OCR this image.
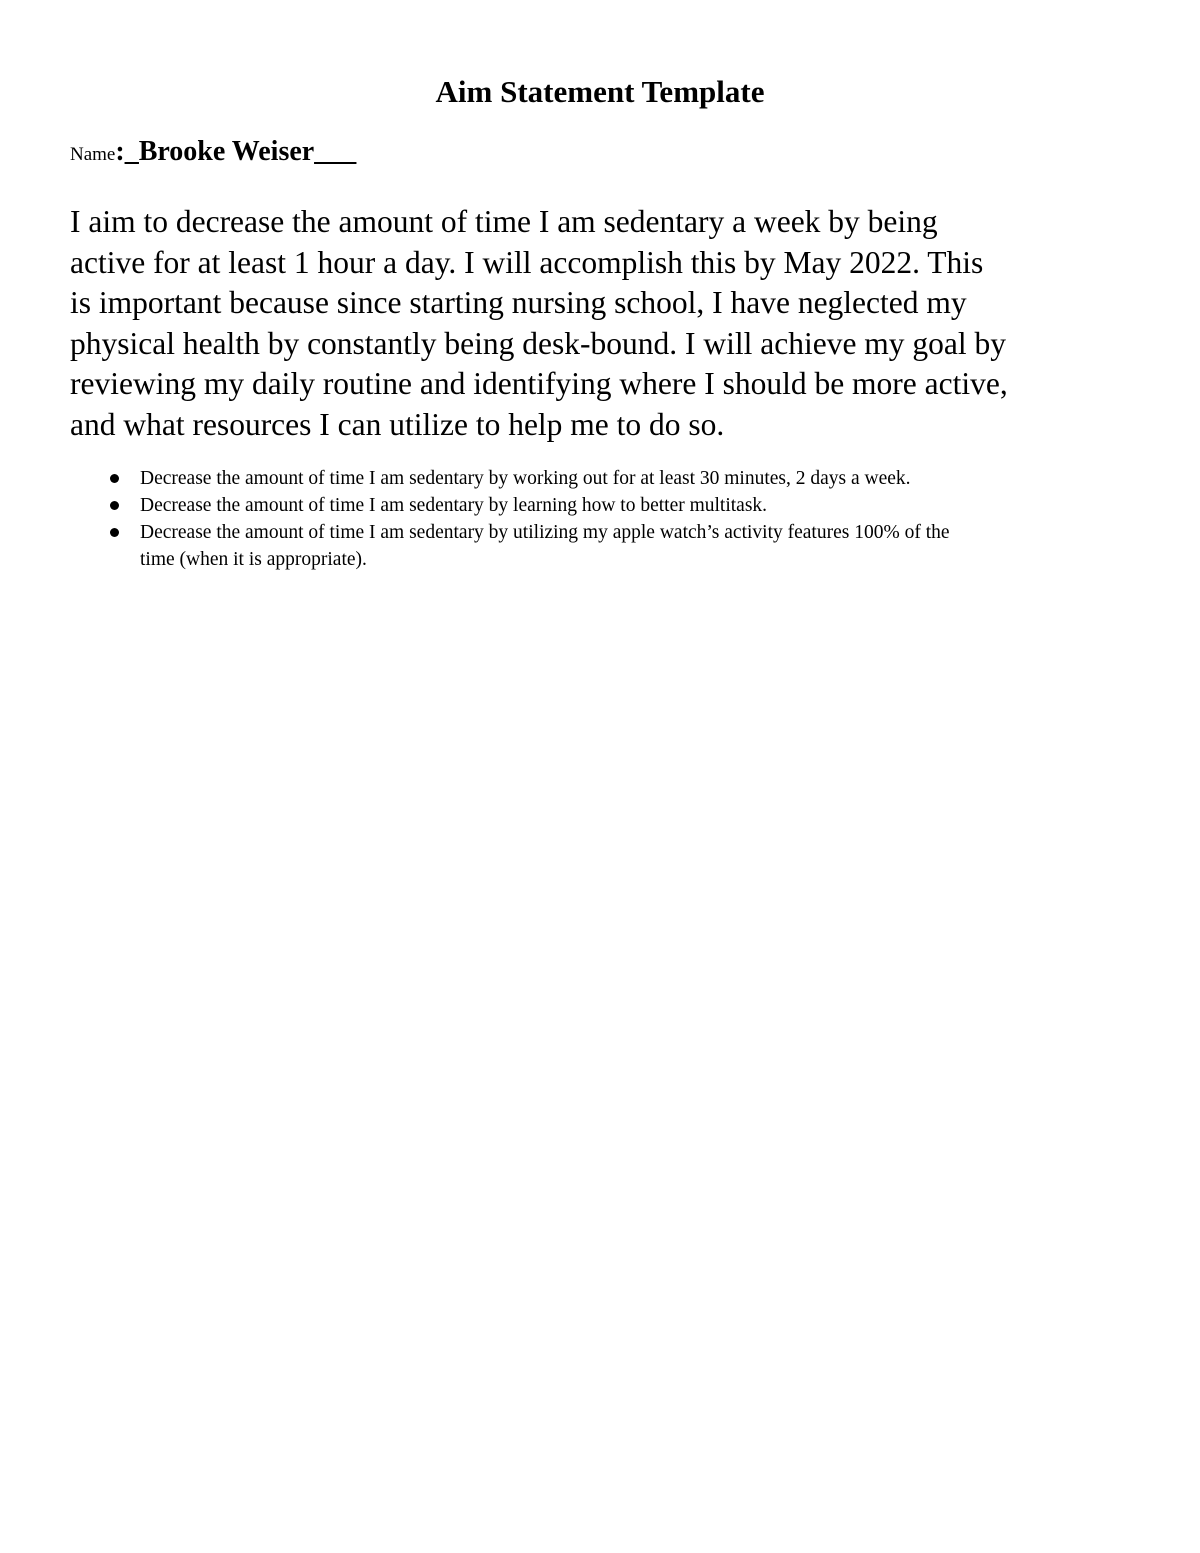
Aim Statement Template

Name:_Brooke Weiser___

I aim to decrease the amount of time I am sedentary a week by being
active for at least 1 hour a day. I will accomplish this by May 2022. This
is important because since starting nursing school, I have neglected my
physical health by constantly being desk-bound. I will achieve my goal by
reviewing my daily routine and identifying where I should be more active,
and what resources I can utilize to help me to do so.

Decrease the amount of time I am sedentary by working out for at least 30 minutes, 2 days a week.
Decrease the amount of time I am sedentary by learning how to better multitask.
Decrease the amount of time I am sedentary by utilizing my apple watch’s activity features 100% of the
time (when it is appropriate).
